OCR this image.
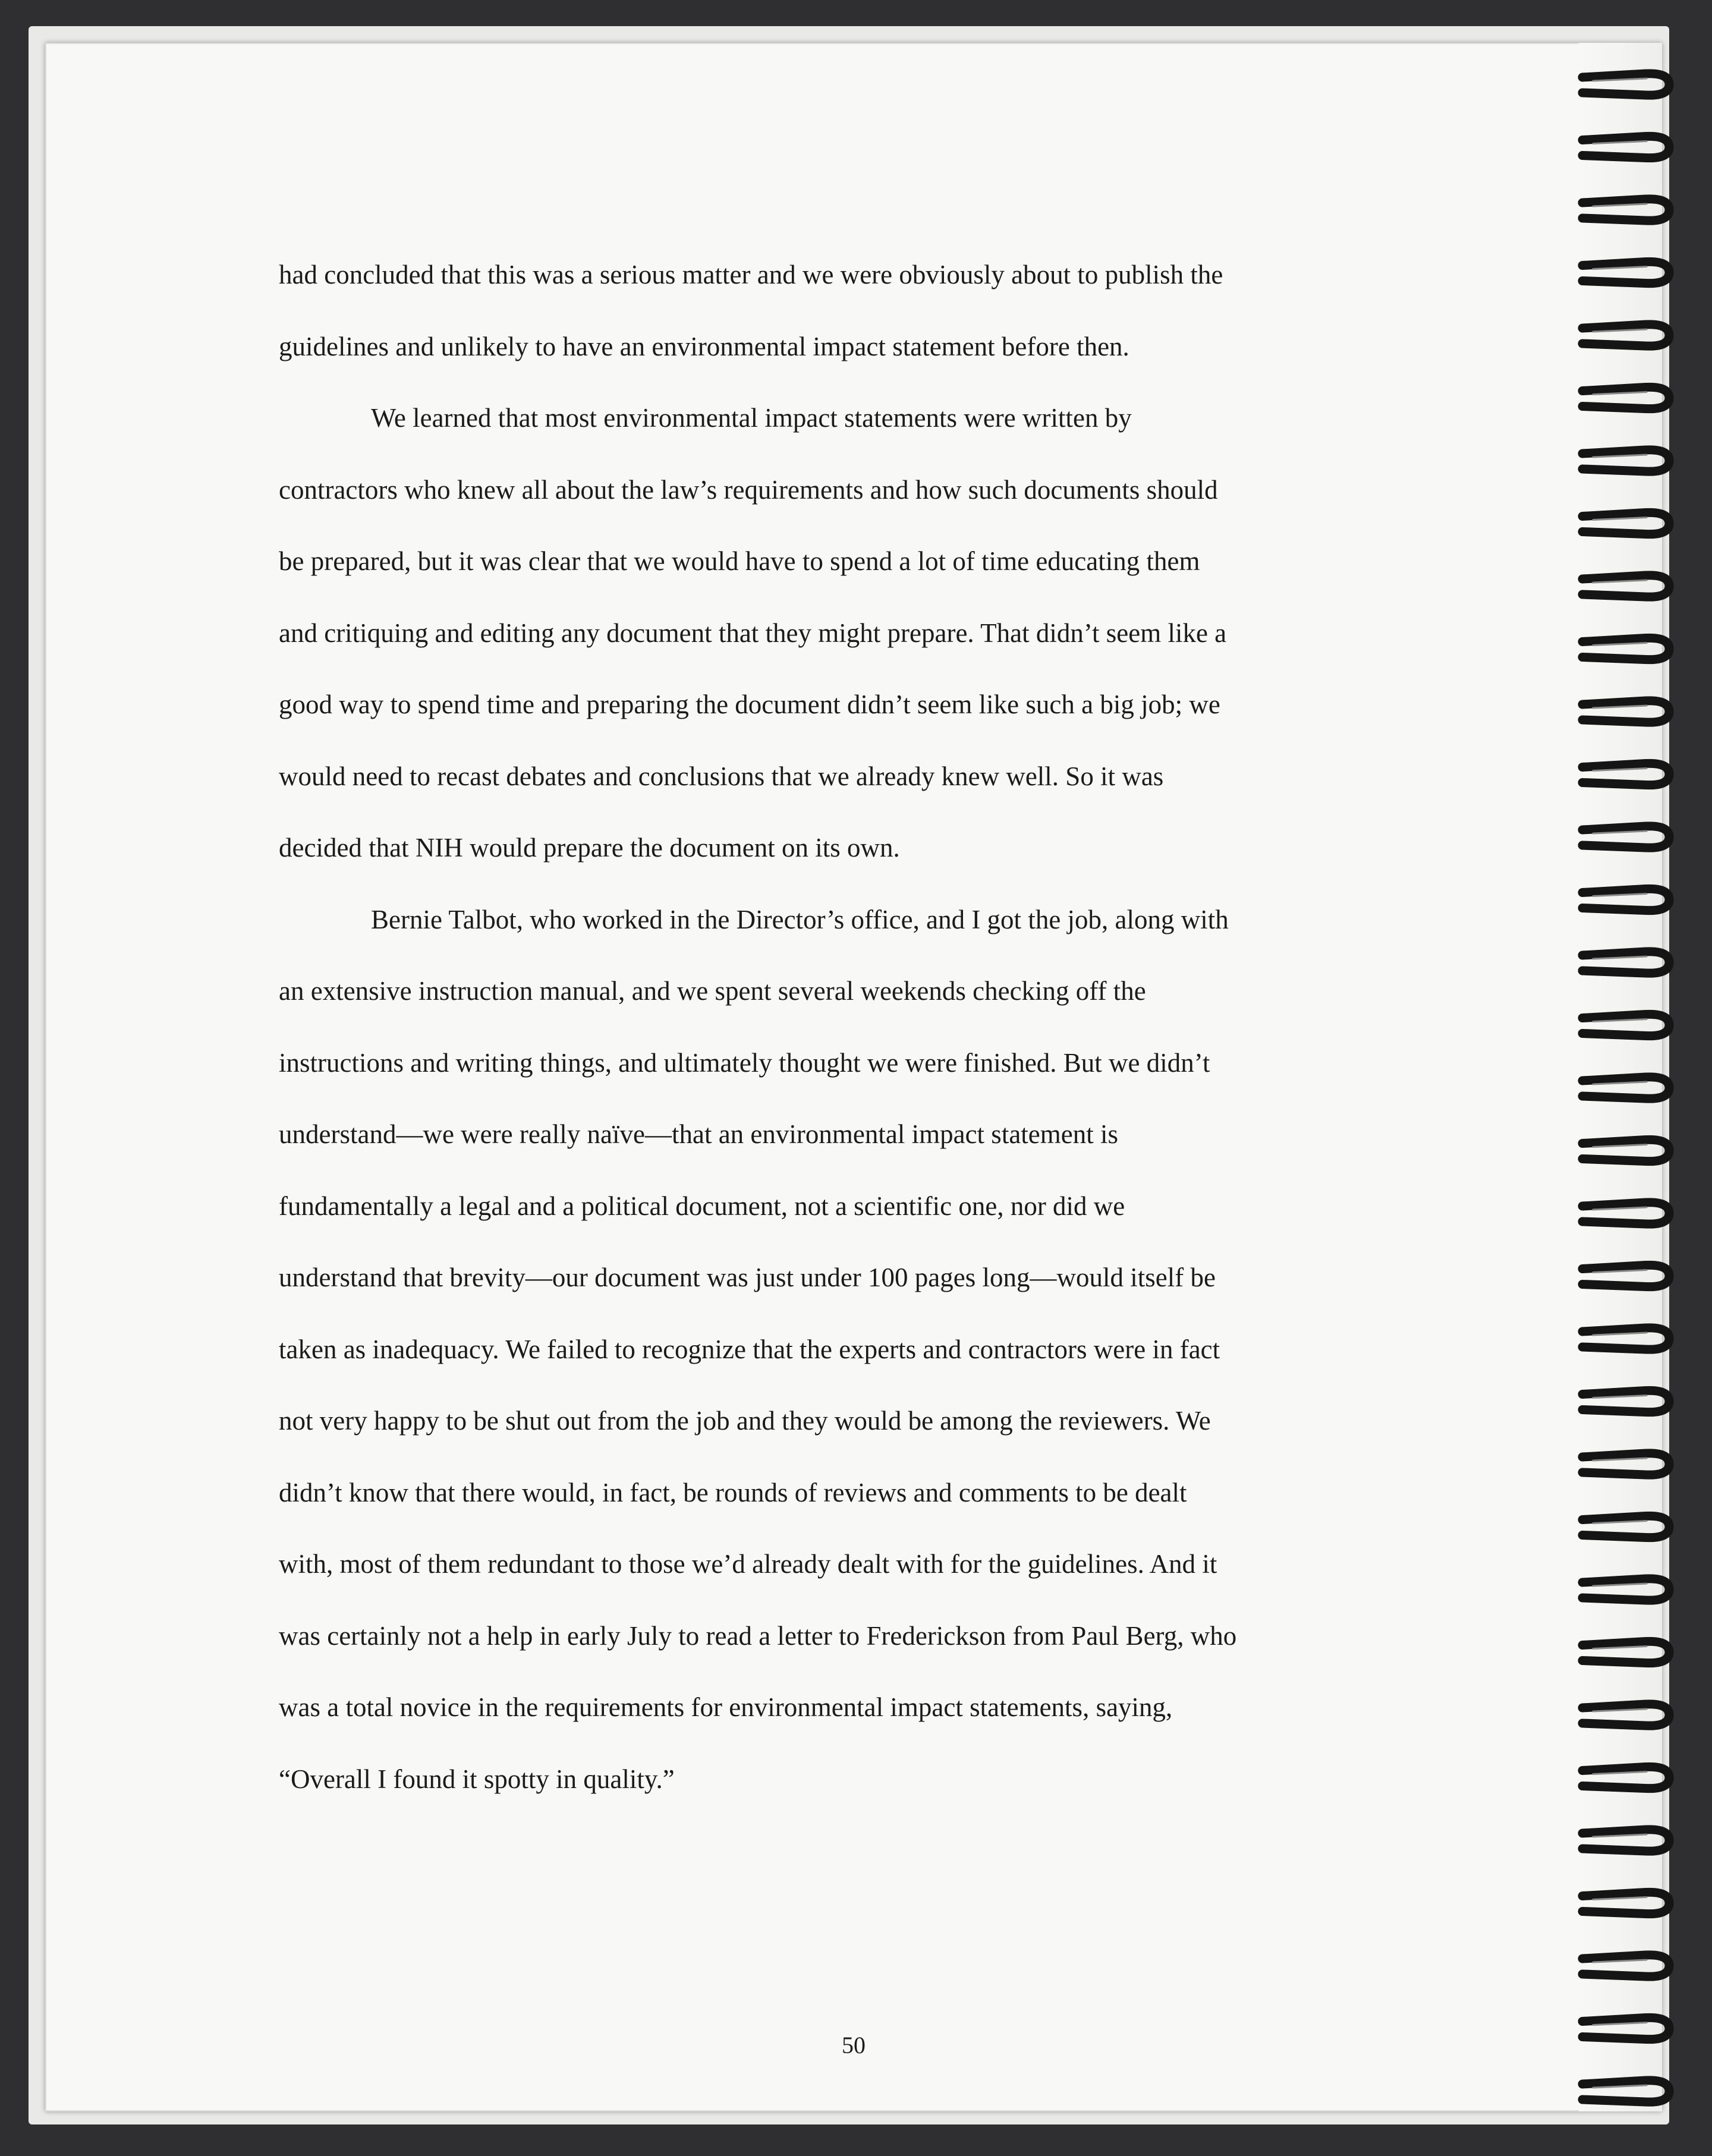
had concluded that this was a serious matter and we were obviously about to publish the

guidelines and unlikely to have an environmental impact statement before then.

We learned that most environmental impact statements were written by

contractors who knew all about the law’s requirements and how such documents should

be prepared, but it was clear that we would have to spend a lot of time educating them

and critiquing and editing any document that they might prepare. That didn’t seem like a

good way to spend time and preparing the document didn’t seem like such a big job; we

would need to recast debates and conclusions that we already knew well. So it was

decided that NIH would prepare the document on its own.

Bernie Talbot, who worked in the Director’s office, and I got the job, along with

an extensive instruction manual, and we spent several weekends checking off the

instructions and writing things, and ultimately thought we were finished. But we didn’t

understand—we were really naïve—that an environmental impact statement is

fundamentally a legal and a political document, not a scientific one, nor did we

understand that brevity—our document was just under 100 pages long—would itself be

taken as inadequacy. We failed to recognize that the experts and contractors were in fact

not very happy to be shut out from the job and they would be among the reviewers. We

didn’t know that there would, in fact, be rounds of reviews and comments to be dealt

with, most of them redundant to those we’d already dealt with for the guidelines. And it

was certainly not a help in early July to read a letter to Frederickson from Paul Berg, who

was a total novice in the requirements for environmental impact statements, saying,

“Overall I found it spotty in quality.”

50
